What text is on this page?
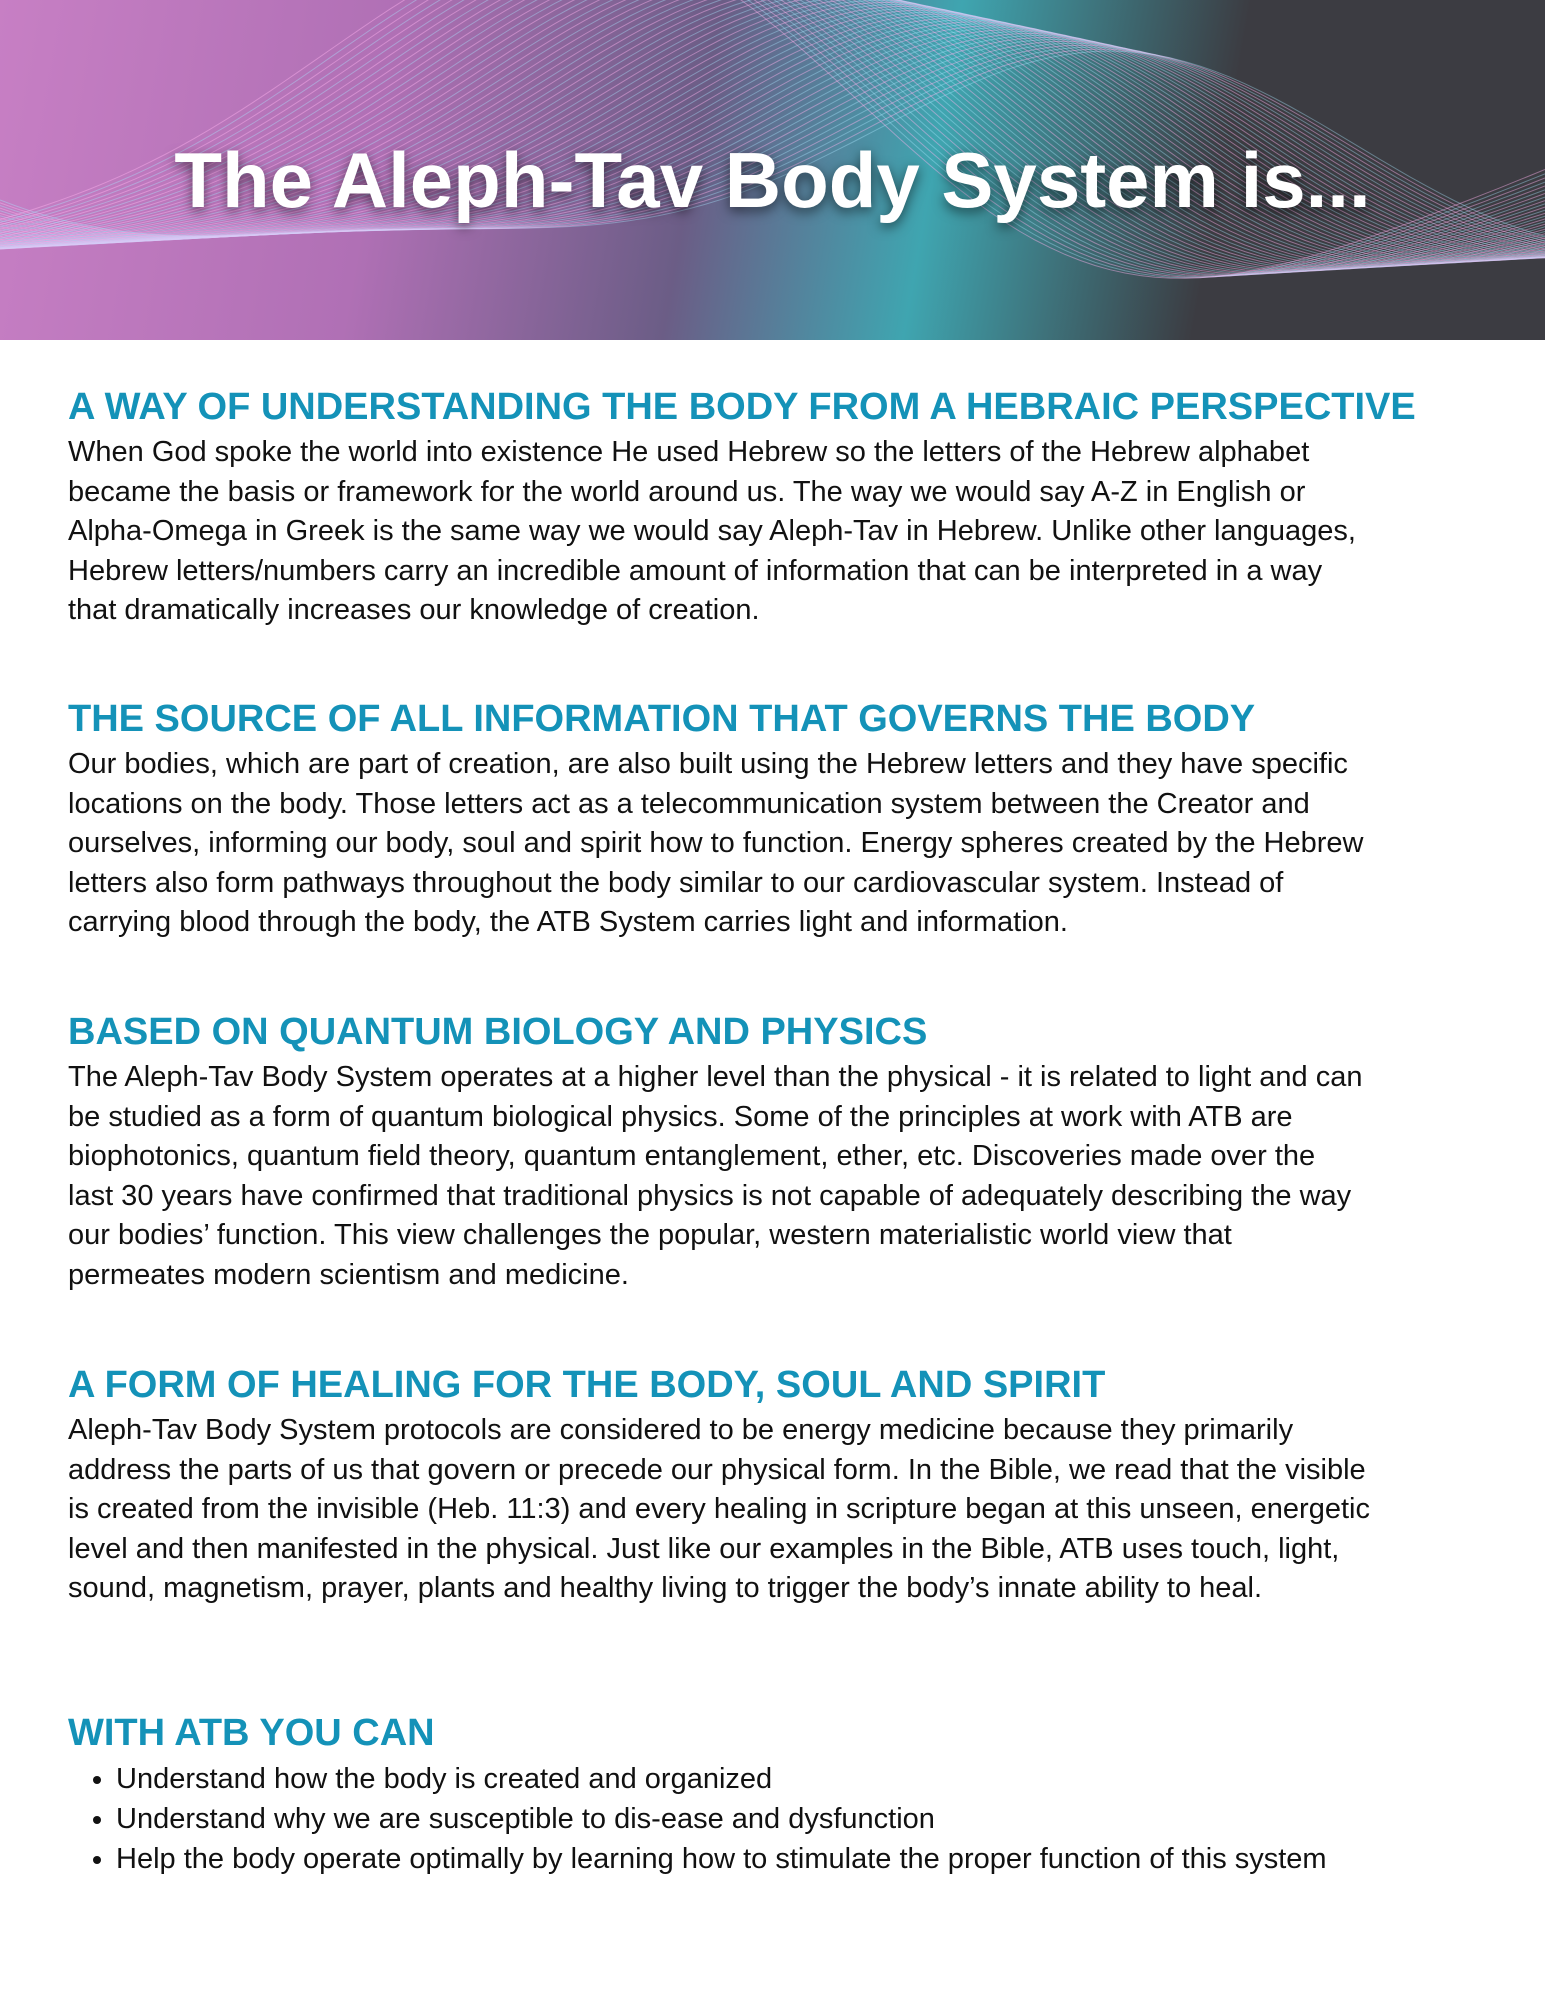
The Aleph-Tav Body System is...
A WAY OF UNDERSTANDING THE BODY FROM A HEBRAIC PERSPECTIVE
When God spoke the world into existence He used Hebrew so the letters of the Hebrew alphabet
became the basis or framework for the world around us. The way we would say A-Z in English or
Alpha-Omega in Greek is the same way we would say Aleph-Tav in Hebrew. Unlike other languages,
Hebrew letters/numbers carry an incredible amount of information that can be interpreted in a way
that dramatically increases our knowledge of creation.
THE SOURCE OF ALL INFORMATION THAT GOVERNS THE BODY
Our bodies, which are part of creation, are also built using the Hebrew letters and they have specific
locations on the body. Those letters act as a telecommunication system between the Creator and
ourselves, informing our body, soul and spirit how to function. Energy spheres created by the Hebrew
letters also form pathways throughout the body similar to our cardiovascular system. Instead of
carrying blood through the body, the ATB System carries light and information.
BASED ON QUANTUM BIOLOGY AND PHYSICS
The Aleph-Tav Body System operates at a higher level than the physical - it is related to light and can
be studied as a form of quantum biological physics. Some of the principles at work with ATB are
biophotonics, quantum field theory, quantum entanglement, ether, etc. Discoveries made over the
last 30 years have confirmed that traditional physics is not capable of adequately describing the way
our bodies’ function. This view challenges the popular, western materialistic world view that
permeates modern scientism and medicine.
A FORM OF HEALING FOR THE BODY, SOUL AND SPIRIT
Aleph-Tav Body System protocols are considered to be energy medicine because they primarily
address the parts of us that govern or precede our physical form. In the Bible, we read that the visible
is created from the invisible (Heb. 11:3) and every healing in scripture began at this unseen, energetic
level and then manifested in the physical. Just like our examples in the Bible, ATB uses touch, light,
sound, magnetism, prayer, plants and healthy living to trigger the body’s innate ability to heal.
WITH ATB YOU CAN
• Understand how the body is created and organized
• Understand why we are susceptible to dis-ease and dysfunction
• Help the body operate optimally by learning how to stimulate the proper function of this system
